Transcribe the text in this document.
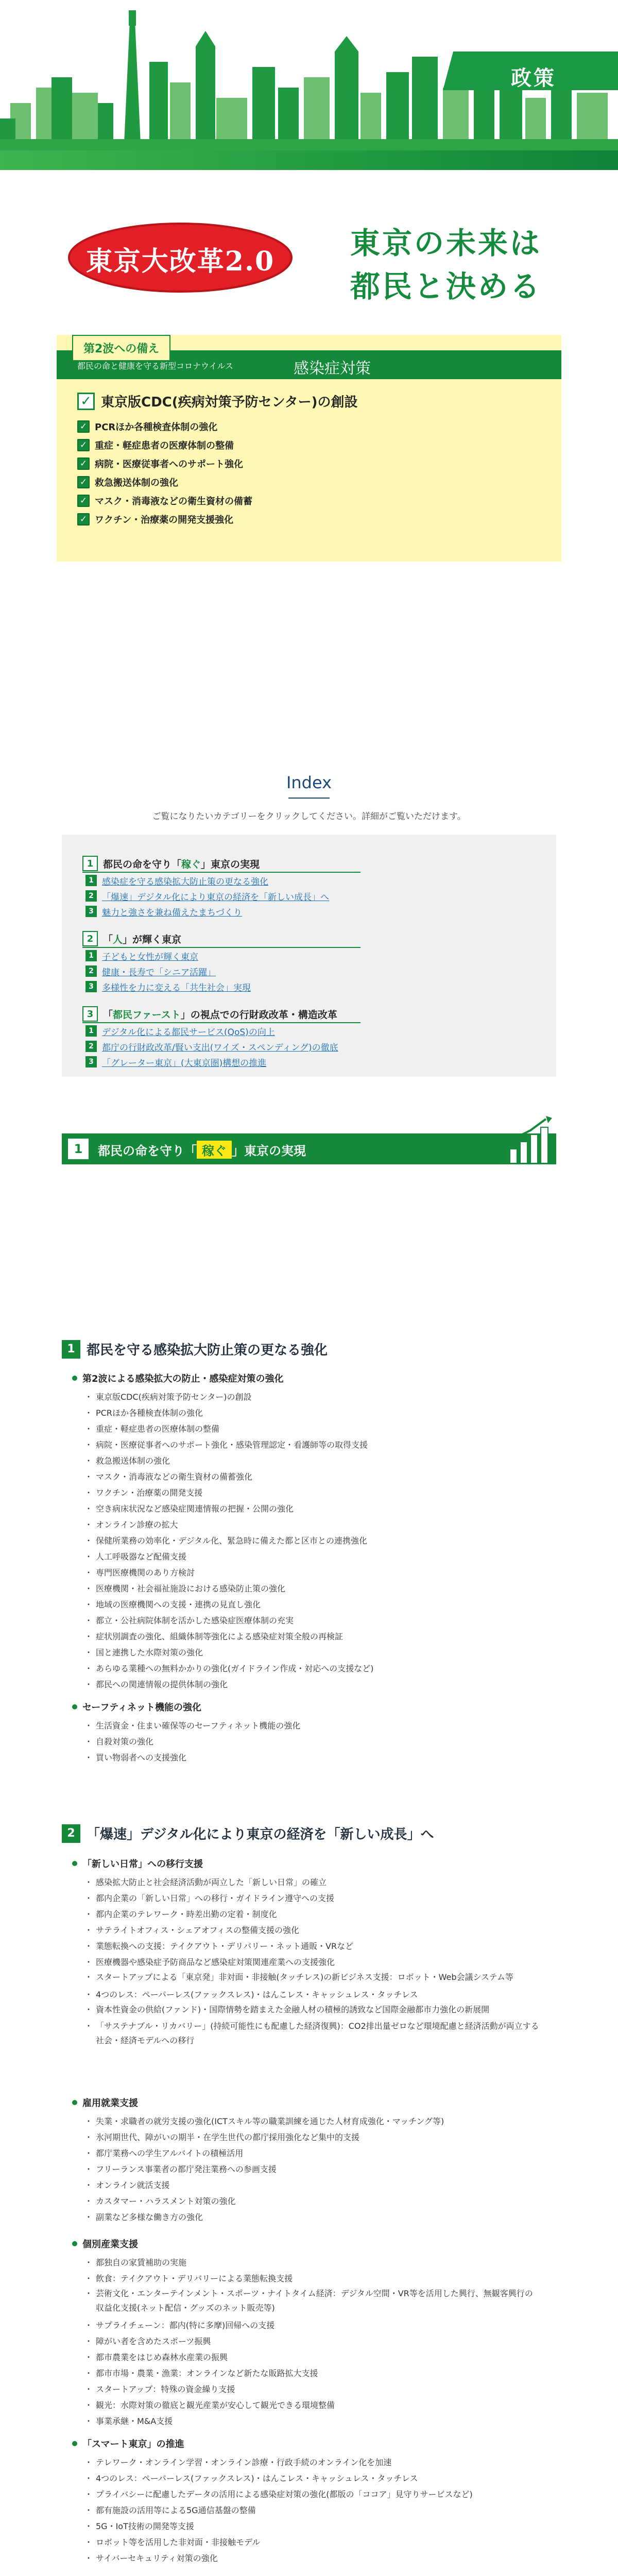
政策
東京大改革2.0
東京の未来は
都民と決める
都民の命と健康を守る新型コロナウイルス	感染症対策
第2波への備え
✓ 東京版CDC(疾病対策予防センター)の創設
✓ PCRほか各種検査体制の強化
✓ 重症・軽症患者の医療体制の整備
✓ 病院・医療従事者へのサポート強化
✓ 救急搬送体制の強化
✓ マスク・消毒液などの衛生資材の備蓄
✓ ワクチン・治療薬の開発支援強化
Index
ご覧になりたいカテゴリーをクリックしてください。詳細がご覧いただけます。
1 都民の命を守り「稼ぐ」東京の実現
1 感染症を守る感染拡大防止策の更なる強化
2 「爆速」デジタル化により東京の経済を「新しい成長」へ
3 魅力と強さを兼ね備えたまちづくり
2 「人」が輝く東京
1 子どもと女性が輝く東京
2 健康・長寿で「シニア活躍」
3 多様性を力に変える「共生社会」実現
3 「都民ファースト」の視点での行財政改革・構造改革
1 デジタル化による都民サービス(QoS)の向上
2 都庁の行財政改革/賢い支出(ワイズ・スペンディング)の徹底
3 「グレーター東京」(大東京圏)構想の推進
1	都民の命を守り「 稼ぐ 」東京の実現
1 都民を守る感染拡大防止策の更なる強化
第2波による感染拡大の防止・感染症対策の強化
・ 東京版CDC(疾病対策予防センター)の創設
・ PCRほか各種検査体制の強化
・ 重症・軽症患者の医療体制の整備
・ 病院・医療従事者へのサポート強化・感染管理認定・看護師等の取得支援
・ 救急搬送体制の強化
・ マスク・消毒液などの衛生資材の備蓄強化
・ ワクチン・治療薬の開発支援
・ 空き病床状況など感染症関連情報の把握・公開の強化
・ オンライン診療の拡大
・ 保健所業務の効率化・デジタル化、緊急時に備えた都と区市との連携強化
・ 人工呼吸器など配備支援
・ 専門医療機関のあり方検討
・ 医療機関・社会福祉施設における感染防止策の強化
・ 地域の医療機関への支援・連携の見直し強化
・ 都立・公社病院体制を活かした感染症医療体制の充実
・ 症状別調査の強化、組織体制等強化による感染症対策全般の再検証
・ 国と連携した水際対策の強化
・ あらゆる業種への無料かかりの強化(ガイドライン作成・対応への支援など)
・ 都民への関連情報の提供体制の強化
セーフティネット機能の強化
・ 生活資金・住まい確保等のセーフティネット機能の強化
・ 自殺対策の強化
・ 買い物弱者への支援強化
2 「爆速」デジタル化により東京の経済を「新しい成長」へ
「新しい日常」への移行支援
・ 感染拡大防止と社会経済活動が両立した「新しい日常」の確立
・ 都内企業の「新しい日常」への移行・ガイドライン遵守への支援
・ 都内企業のテレワーク・時差出勤の定着・制度化
・ サテライトオフィス・シェアオフィスの整備支援の強化
・ 業態転換への支援：テイクアウト・デリバリー・ネット通販・VRなど
・ 医療機器や感染症予防商品など感染症対策関連産業への支援強化
・ スタートアップによる「東京発」非対面・非接触(タッチレス)の新ビジネス支援：ロボット・Web会議システム等
・ 4つのレス：ペーパーレス(ファックスレス)・はんこレス・キャッシュレス・タッチレス
・ 資本性資金の供給(ファンド)・国際情勢を踏まえた金融人材の積極的誘致など国際金融都市力強化の新展開
・ 「サステナブル・リカバリー」(持続可能性にも配慮した経済復興)：CO2排出量ゼロなど環境配慮と経済活動が両立する社会・経済モデルへの移行
雇用就業支援
・ 失業・求職者の就労支援の強化(ICTスキル等の職業訓練を通じた人材育成強化・マッチング等)
・ 氷河期世代、障がいの期半・在学生世代の都庁採用強化など集中的支援
・ 都庁業務への学生アルバイトの積極活用
・ フリーランス事業者の都庁発注業務への参画支援
・ オンライン就活支援
・ カスタマー・ハラスメント対策の強化
・ 副業など多様な働き方の強化
個別産業支援
・ 都独自の家賃補助の実施
・ 飲食：テイクアウト・デリバリーによる業態転換支援
・ 芸術文化・エンターテインメント・スポーツ・ナイトタイム経済：デジタル空間・VR等を活用した興行、無観客興行の収益化支援(ネット配信・グッズのネット販売等)
・ サプライチェーン：都内(特に多摩)回帰への支援
・ 障がい者を含めたスポーツ振興
・ 都市農業をはじめ森林水産業の振興
・ 都市市場・農業・漁業：オンラインなど新たな販路拡大支援
・ スタートアップ：特殊の資金繰り支援
・ 観光：水際対策の徹底と観光産業が安心して観光できる環境整備
・ 事業承継・M&A支援
「スマート東京」の推進
・ テレワーク・オンライン学習・オンライン診療・行政手続のオンライン化を加速
・ 4つのレス：ペーパーレス(ファックスレス)・はんこレス・キャッシュレス・タッチレス
・ プライバシーに配慮したデータの活用による感染症対策の強化(都版の「ココア」見守りサービスなど)
・ 都有施設の活用等による5G通信基盤の整備
・ 5G・IoT技術の開発等支援
・ ロボット等を活用した非対面・非接触モデル
・ サイバーセキュリティ対策の強化
